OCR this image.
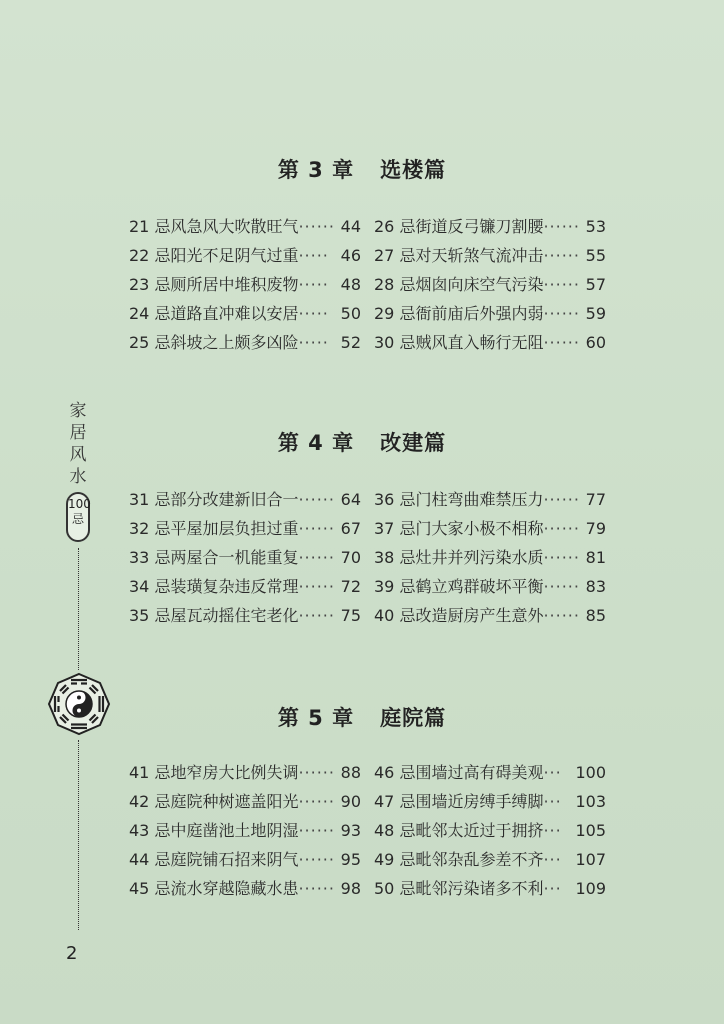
第 3 章 选楼篇
21 忌风急风大吹散旺气······ 44
22 忌阳光不足阴气过重····· 46
23 忌厕所居中堆积废物····· 48
24 忌道路直冲难以安居····· 50
25 忌斜坡之上颇多凶险····· 52
26 忌街道反弓镰刀割腰······ 53
27 忌对天斩煞气流冲击······ 55
28 忌烟囱向床空气污染······ 57
29 忌衙前庙后外强内弱······ 59
30 忌贼风直入畅行无阻······ 60
第 4 章 改建篇
31 忌部分改建新旧合一······ 64
32 忌平屋加层负担过重······ 67
33 忌两屋合一机能重复······ 70
34 忌装璜复杂违反常理······ 72
35 忌屋瓦动摇住宅老化······ 75
36 忌门柱弯曲难禁压力······ 77
37 忌门大家小极不相称······ 79
38 忌灶井并列污染水质······ 81
39 忌鹤立鸡群破坏平衡······ 83
40 忌改造厨房产生意外······ 85
第 5 章 庭院篇
41 忌地窄房大比例失调······ 88
42 忌庭院种树遮盖阳光······ 90
43 忌中庭凿池土地阴湿······ 93
44 忌庭院铺石招来阴气······ 95
45 忌流水穿越隐藏水患······ 98
46 忌围墙过高有碍美观··· 100
47 忌围墙近房缚手缚脚··· 103
48 忌毗邻太近过于拥挤··· 105
49 忌毗邻杂乱参差不齐··· 107
50 忌毗邻污染诸多不利··· 109
家
居
风
水
100忌
2
